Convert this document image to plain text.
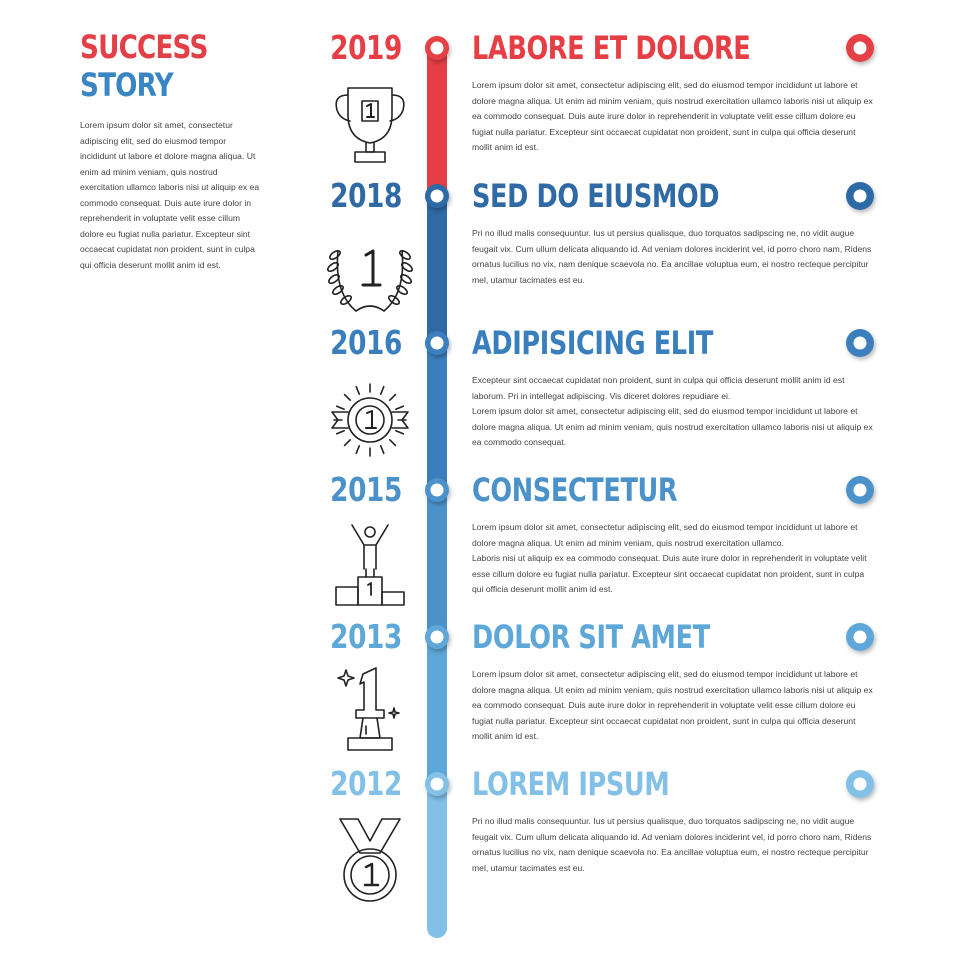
SUCCESS
STORY
Lorem ipsum dolor sit amet, consectetur adipiscing elit, sed do eiusmod tempor incididunt ut labore et dolore magna aliqua. Ut enim ad minim veniam, quis nostrud exercitation ullamco laboris nisi ut aliquip ex ea commodo consequat. Duis aute irure dolor in reprehenderit in voluptate velit esse cillum dolore eu fugiat nulla pariatur. Excepteur sint occaecat cupidatat non proident, sunt in culpa qui officia deserunt mollit anim id est.
2019 LABORE ET DOLORE

Lorem ipsum dolor sit amet, consectetur adipiscing elit, sed do eiusmod tempor incididunt ut labore et dolore magna aliqua. Ut enim ad minim veniam, quis nostrud exercitation ullamco laboris nisi ut aliquip ex ea commodo consequat. Duis aute irure dolor in reprehenderit in voluptate velit esse cillum dolore eu fugiat nulla pariatur. Excepteur sint occaecat cupidatat non proident, sunt in culpa qui officia deserunt mollit anim id est.

2018 SED DO EIUSMOD

Pri no illud malis consequuntur. Ius ut persius qualisque, duo torquatos sadipscing ne, no vidit augue feugait vix. Cum ullum delicata aliquando id. Ad veniam dolores inciderint vel, id porro choro nam, Ridens ornatus lucilius no vix, nam denique scaevola no. Ea ancillae voluptua eum, ei nostro recteque percipitur mel, utamur tacimates est eu.

2016 ADIPISICING ELIT

Excepteur sint occaecat cupidatat non proident, sunt in culpa qui officia deserunt mollit anim id est laborum. Pri in intellegat adipiscing. Vis diceret dolores repudiare ei.

Lorem ipsum dolor sit amet, consectetur adipiscing elit, sed do eiusmod tempor incididunt ut labore et dolore magna aliqua. Ut enim ad minim veniam, quis nostrud exercitation ullamco laboris nisi ut aliquip ex ea commodo consequat.

2015 CONSECTETUR

Lorem ipsum dolor sit amet, consectetur adipiscing elit, sed do eiusmod tempor incididunt ut labore et dolore magna aliqua. Ut enim ad minim veniam, quis nostrud exercitation ullamco.

Laboris nisi ut aliquip ex ea commodo consequat. Duis aute irure dolor in reprehenderit in voluptate velit esse cillum dolore eu fugiat nulla pariatur. Excepteur sint occaecat cupidatat non proident, sunt in culpa qui officia deserunt mollit anim id est.

2013 DOLOR SIT AMET

Lorem ipsum dolor sit amet, consectetur adipiscing elit, sed do eiusmod tempor incididunt ut labore et dolore magna aliqua. Ut enim ad minim veniam, quis nostrud exercitation ullamco laboris nisi ut aliquip ex ea commodo consequat. Duis aute irure dolor in reprehenderit in voluptate velit esse cillum dolore eu fugiat nulla pariatur. Excepteur sint occaecat cupidatat non proident, sunt in culpa qui officia deserunt mollit anim id est.

2012 LOREM IPSUM

Pri no illud malis consequuntur. Ius ut persius qualisque, duo torquatos sadipscing ne, no vidit augue feugait vix. Cum ullum delicata aliquando id. Ad veniam dolores inciderint vel, id porro choro nam, Ridens ornatus lucilius no vix, nam denique scaevola no. Ea ancillae voluptua eum, ei nostro recteque percipitur mel, utamur tacimates est eu.
